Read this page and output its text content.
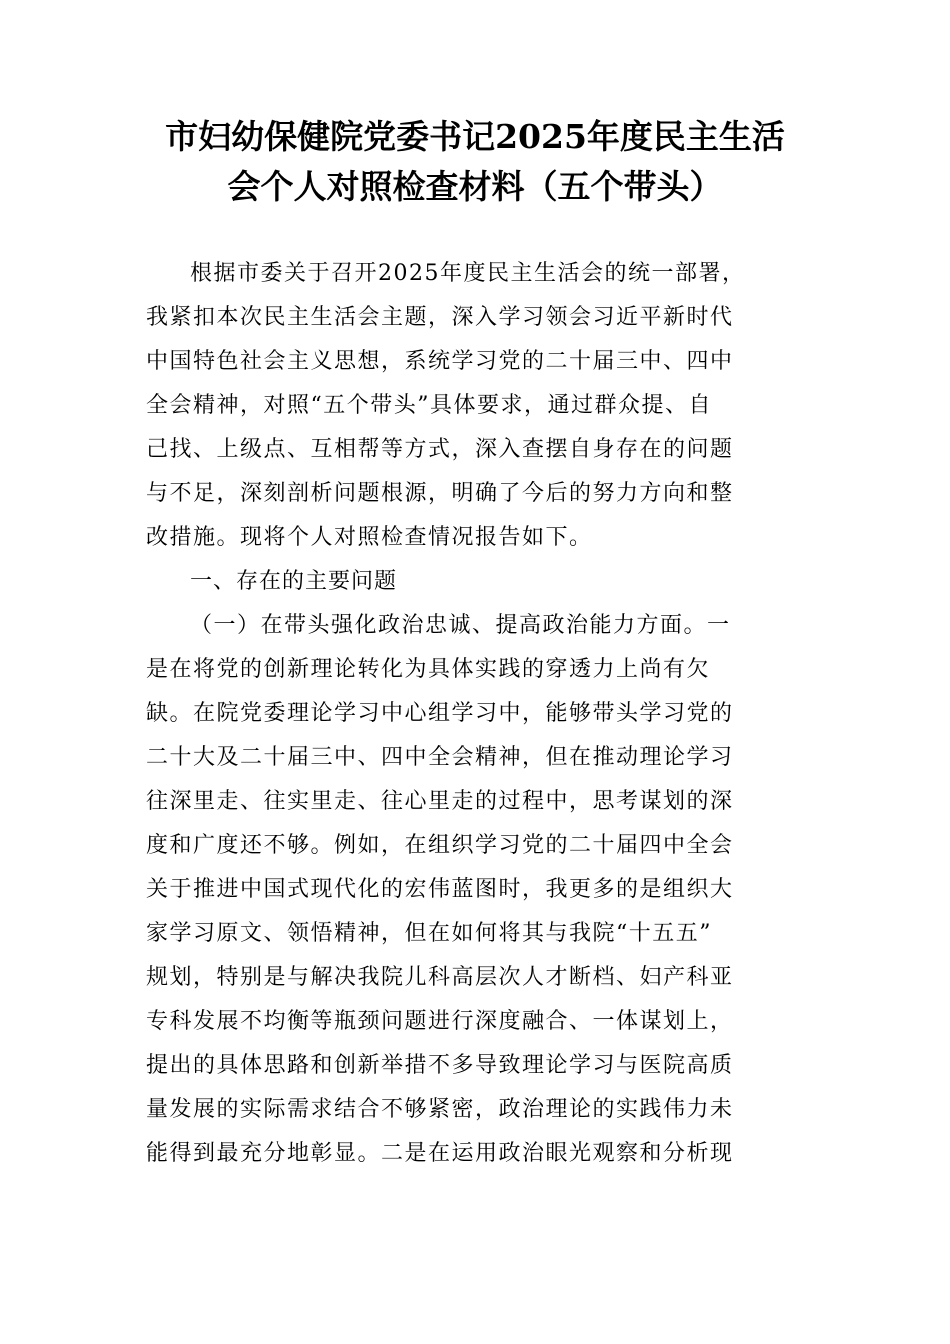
市妇幼保健院党委书记2025年度民主生活
会个人对照检查材料（五个带头）

根据市委关于召开2025年度民主生活会的统一部署，
我紧扣本次民主生活会主题，深入学习领会习近平新时代
中国特色社会主义思想，系统学习党的二十届三中、四中
全会精神，对照“五个带头”具体要求，通过群众提、自
己找、上级点、互相帮等方式，深入查摆自身存在的问题
与不足，深刻剖析问题根源，明确了今后的努力方向和整
改措施。现将个人对照检查情况报告如下。

一、存在的主要问题

（一）在带头强化政治忠诚、提高政治能力方面。一
是在将党的创新理论转化为具体实践的穿透力上尚有欠
缺。在院党委理论学习中心组学习中，能够带头学习党的
二十大及二十届三中、四中全会精神，但在推动理论学习
往深里走、往实里走、往心里走的过程中，思考谋划的深
度和广度还不够。例如，在组织学习党的二十届四中全会
关于推进中国式现代化的宏伟蓝图时，我更多的是组织大
家学习原文、领悟精神，但在如何将其与我院“十五五”
规划，特别是与解决我院儿科高层次人才断档、妇产科亚
专科发展不均衡等瓶颈问题进行深度融合、一体谋划上，
提出的具体思路和创新举措不多导致理论学习与医院高质
量发展的实际需求结合不够紧密，政治理论的实践伟力未
能得到最充分地彰显。二是在运用政治眼光观察和分析现
